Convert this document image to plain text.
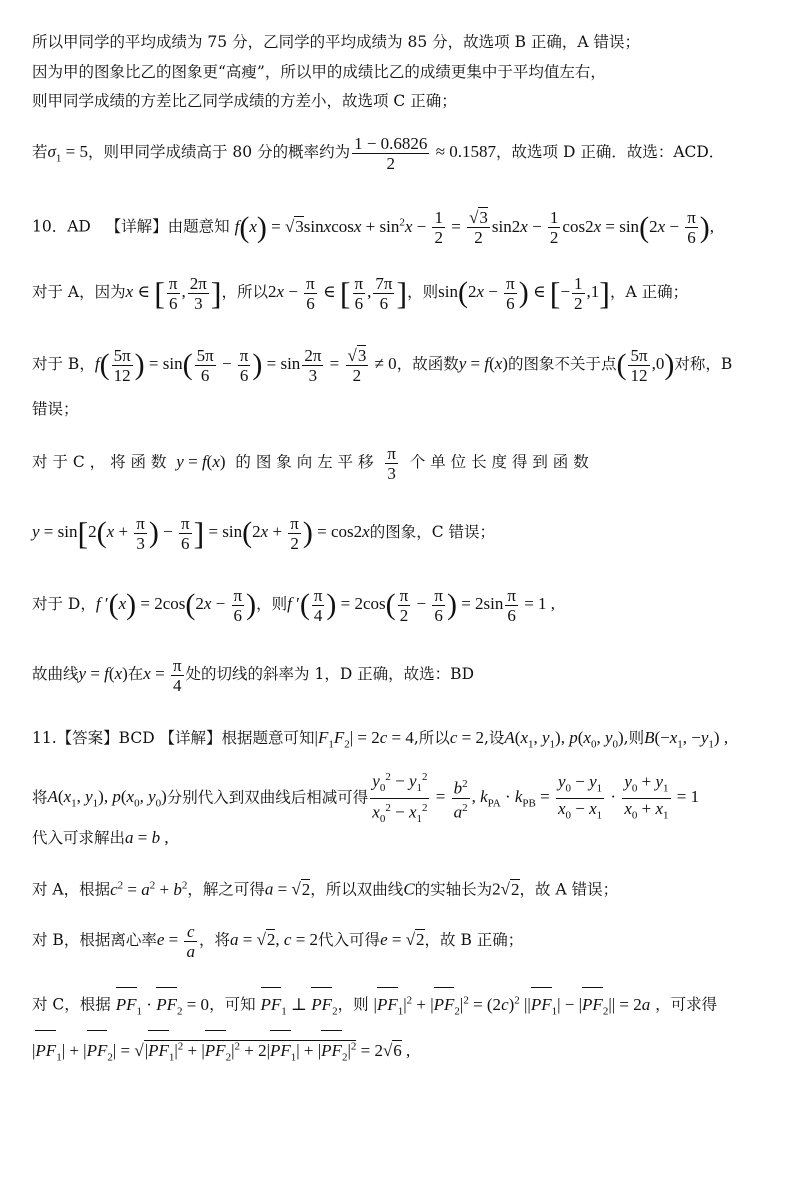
所以甲同学的平均成绩为 75 分，乙同学的平均成绩为 85 分，故选项 B 正确，A 错误；
因为甲的图象比乙的图象更“高瘦”，所以甲的成绩比乙的成绩更集中于平均值左右，
则甲同学成绩的方差比乙同学成绩的方差小，故选项 C 正确；
若$\sigma_1 = 5$，则甲同学成绩高于 80 分的概率约为 $\frac{1 - 0.6826}{2} \approx 0.1587$，故选项 D 正确．故选：ACD．
10．AD 【详解】由题意知 f(x) = √3sinxcosx + $\sin^2x - \frac{1}{2} = \frac{√3}{2} \sin 2x - \frac{1}{2} \cos 2x = \sin(2x - \frac{\pi}{6}$ ),
对于 A，因为x ∈ [ $\frac{\pi}{6}$ , $\frac{2\pi}{3}$ ]，所以$2x - \frac{\pi}{6}$ ∈ [ $\frac{\pi}{6}$ , $\frac{7\pi}{6}$ ]，则$\sin(2x - \frac{\pi}{6}$ ) ∈ [− $\frac{1}{2} ,1$]，A 正确；
对于 B，$f( \frac{5\pi}{12}$ ) = $\sin( \frac{5\pi}{6} - \frac{\pi}{6}$ ) = $\sin \frac{2\pi}{3} = \frac{√3}{2} \ne 0$，故函数y = f(x)的图象不关于点( $\frac{5\pi}{12} ,0$)对称，B
错误；
对 于 C ， 将 函 数 y = f(x) 的 图 象 向 左 平 移 $\frac{\pi}{3}$ 个 单 位 长 度 得 到 函 数
$y = \sin[2(x + \frac{\pi}{3}$ ) − $\frac{\pi}{6}$ ] = $\sin(2x + \frac{\pi}{2}$ ) = cos2x的图象，C 错误；
对于 D，f $'(x) = 2\cos(2x - \frac{\pi}{6}$ )，则f ′( $\frac{\pi}{4}$ ) = $2\cos( \frac{\pi}{2} - \frac{\pi}{6}$ ) = $2\sin \frac{\pi}{6} = 1$ ,
故曲线y = f(x)在$x = \frac{\pi}{4}$ 处的切线的斜率为 1，D 正确，故选：BD
11.【答案】BCD 【详解】根据题意可知$|F_1F_2| = 2c = 4$,所以c = 2,设$A(x_1$, $y_1$), $p(x_0$, $y_0$),则$B(-x_1$, $-y_1$) ,
将$A(x_1$, $y_1$), $p(x_0$, $y_0$)分别代入到双曲线后相减可得 $\frac{y_0^2 - y_1^2}{x_0^2 - x_1^2} = \frac{b^2}{a^2}$ , $k_{PA} \cdot k_{PB} = \frac{y_0 - y_1}{x_0 - x_1} \cdot \frac{y_0 + y_1}{x_0 + x_1} = 1$
代入可求解出a = b ,
对 A，根据$c^2 = a^2 + b^2$，解之可得a = √2，所以双曲线C的实轴长为2√2，故 A 错误；
对 B，根据离心率$e = \frac{c}{a}$ ，将a = √2, c = 2代入可得e = √2，故 B 正确；
对 C，根据 $PF_1 \cdot PF_2 = 0$，可知 $PF_1$ ⊥ $PF_2$，则 $|PF_1|^2 + |PF_2|^2 = (2c)^2$ $||PF_1| - |PF_2|| = 2a$ ，可求得
$|PF_1| + |PF_2| = √|PF_1|^2 + |PF_2|^2 + 2|PF_1| + |PF_2|^2 = 2√6$ ,
